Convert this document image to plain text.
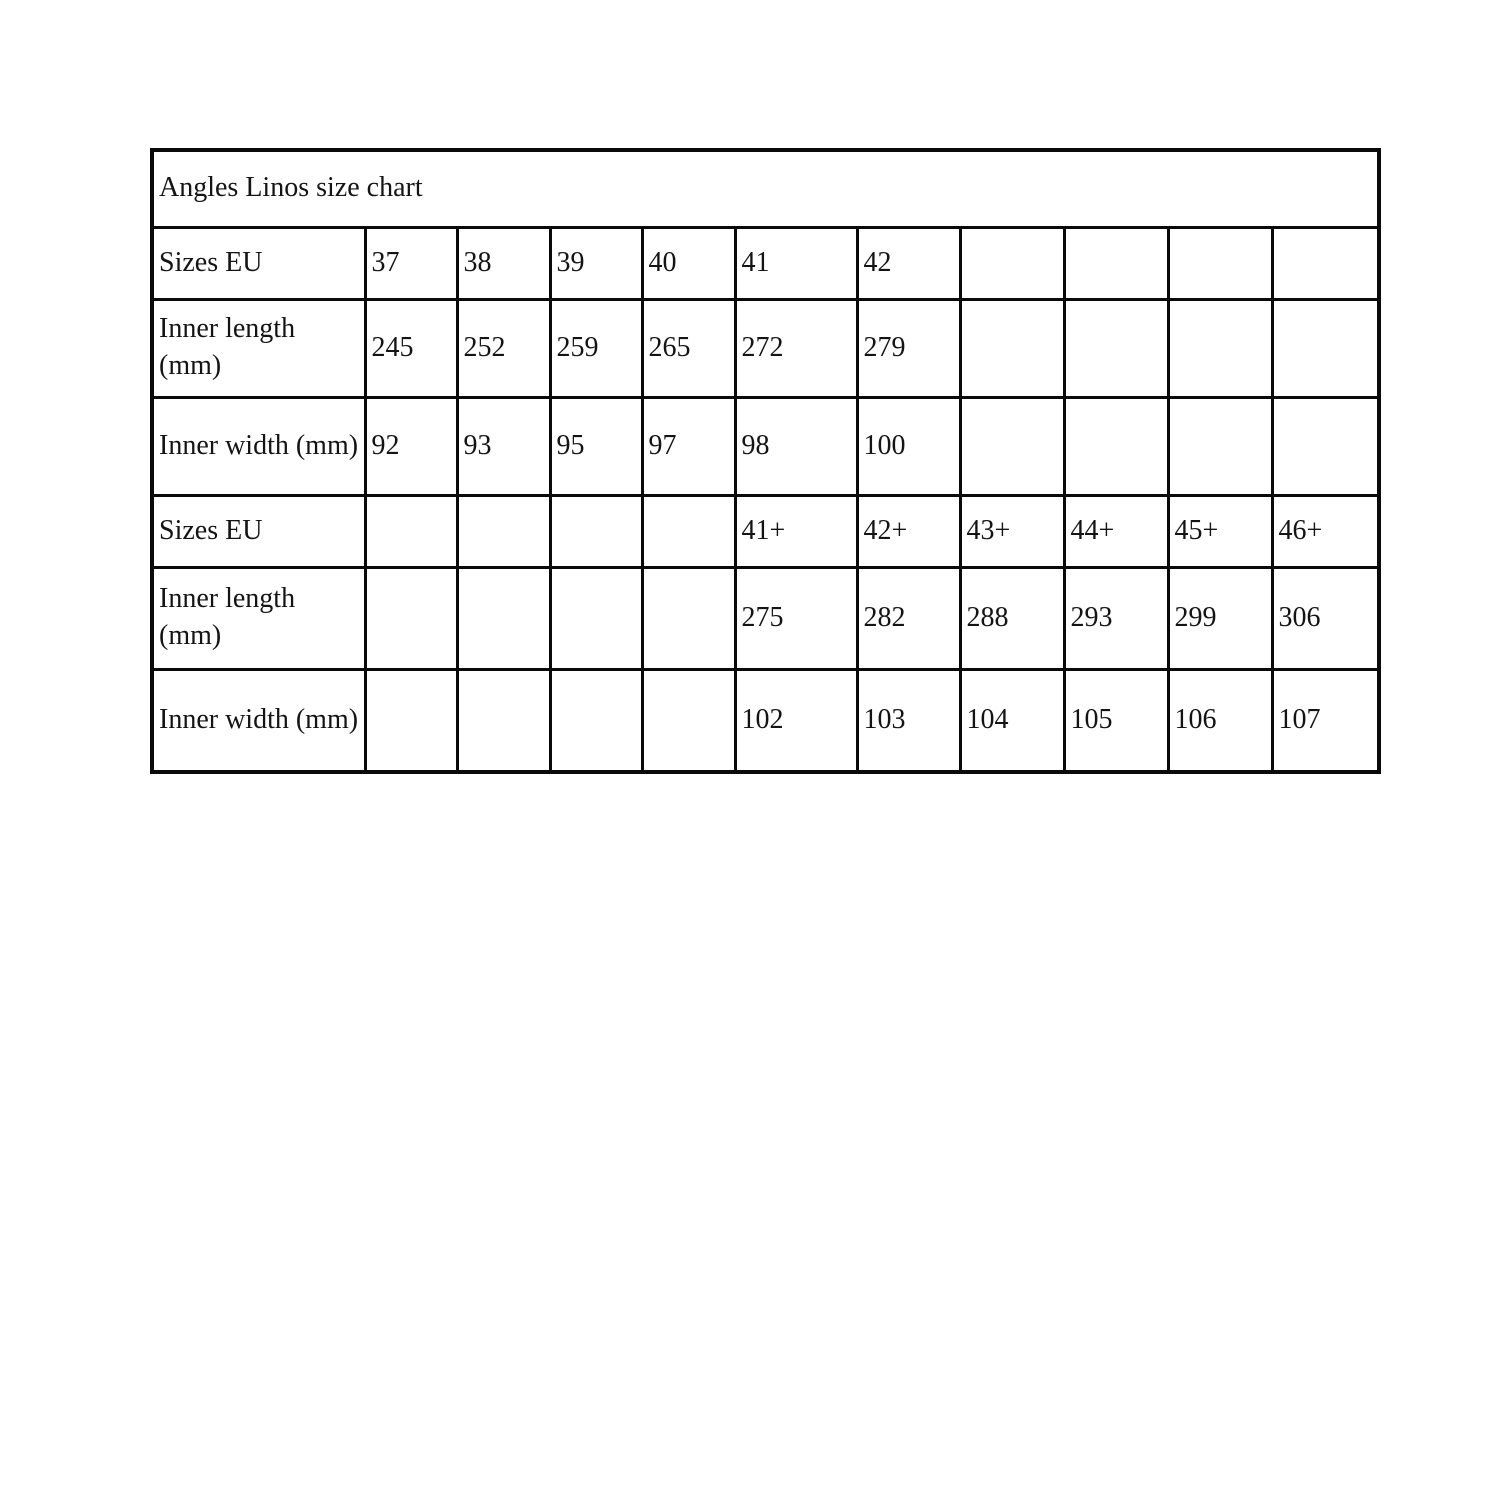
Angles Linos size chart										
Sizes EU	37	38	39	40	41	42				
Inner length (mm)	245	252	259	265	272	279				
Inner width (mm)	92	93	95	97	98	100				
Sizes EU					41+	42+	43+	44+	45+	46+
Inner length (mm)					275	282	288	293	299	306
Inner width (mm)					102	103	104	105	106	107
